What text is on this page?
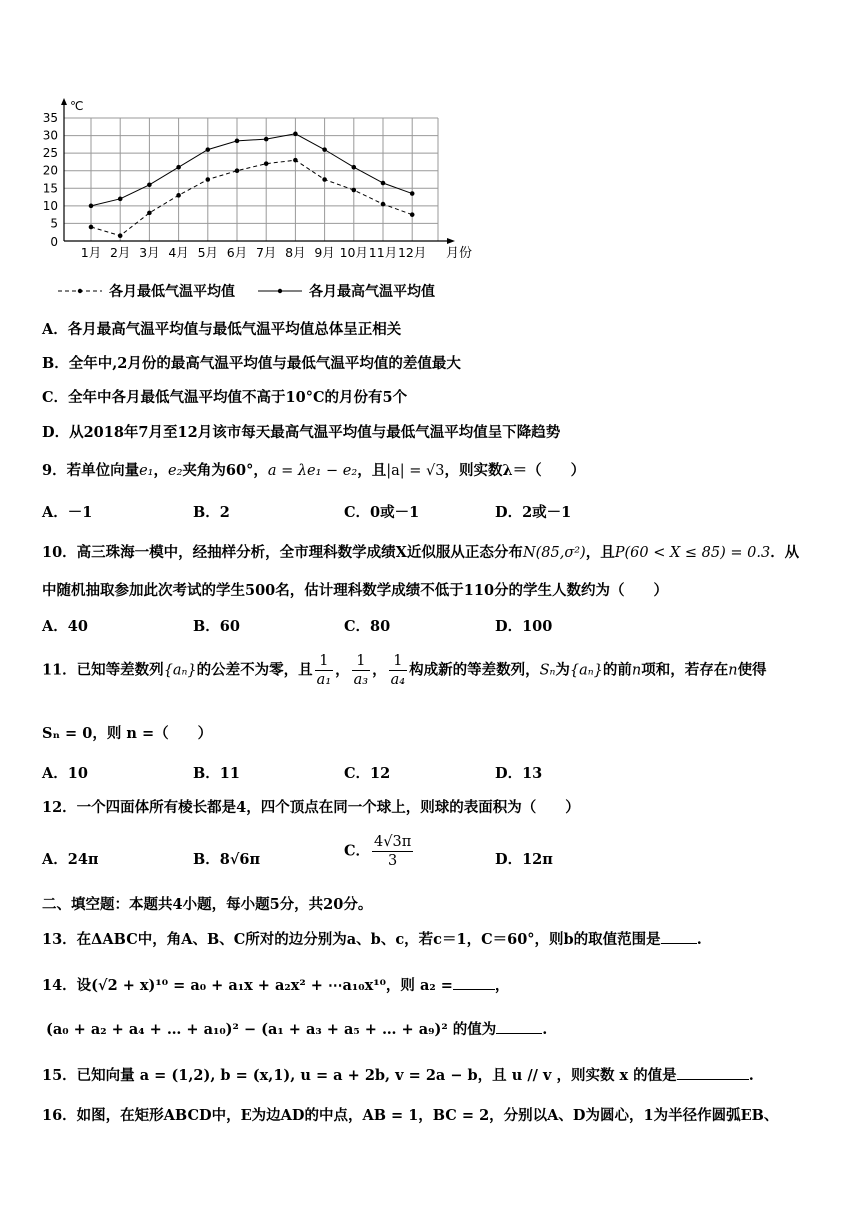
℃
月份
0
5
10
15
20
25
30
35
1月 2月 3月 4月 5月 6月 7月 8月 9月 10月 11月 12月
各月最低气温平均值	各月最高气温平均值
A．各月最高气温平均值与最低气温平均值总体呈正相关
B．全年中,2月份的最高气温平均值与最低气温平均值的差值最大
C．全年中各月最低气温平均值不高于10°C的月份有5个
D．从2018年7月至12月该市每天最高气温平均值与最低气温平均值呈下降趋势
9．若单位向量e₁，e₂夹角为60°，a = λe₁ − e₂，且|a| = √3，则实数λ＝（　　）
A．－1	B．2	C．0或－1	D．2或－1
10．高三珠海一模中，经抽样分析，全市理科数学成绩X近似服从正态分布N(85,σ²)，且P(60 < X ≤ 85) = 0.3．从
中随机抽取参加此次考试的学生500名，估计理科数学成绩不低于110分的学生人数约为（　　）
A．40	B．60	C．80	D．100
11．已知等差数列{aₙ}的公差不为零，且 $\frac{1}{\text{a₁}}$ ， $\frac{1}{\text{a₃}}$ ， $\frac{1}{\text{a₄}}$ 构成新的等差数列，Sₙ为{aₙ}的前n项和，若存在n使得
Sₙ = 0，则 n =（　　）
A．10	B．11	C．12	D．13
12．一个四面体所有棱长都是4，四个顶点在同一个球上，则球的表面积为（　　）
A．24π	B．8√6π	C． $\frac{4√3\pi}{3}$	D．12π
二、填空题：本题共4小题，每小题5分，共20分。
13．在ΔABC中，角A、B、C所对的边分别为a、b、c，若c＝1，C＝60°，则b的取值范围是 .
14．设(√2 + x)¹⁰ = a₀ + a₁x + a₂x² + ⋯a₁₀x¹⁰，则 a₂ =	，
(a₀ + a₂ + a₄ + … + a₁₀)² − (a₁ + a₃ + a₅ + … + a₉)² 的值为	.
15．已知向量 a = (1,2), b = (x,1), u = a + 2b, v = 2a − b，且 u // v ，则实数 x 的值是	.
16．如图，在矩形ABCD中，E为边AD的中点，AB = 1，BC = 2，分别以A、D为圆心，1为半径作圆弧EB、
